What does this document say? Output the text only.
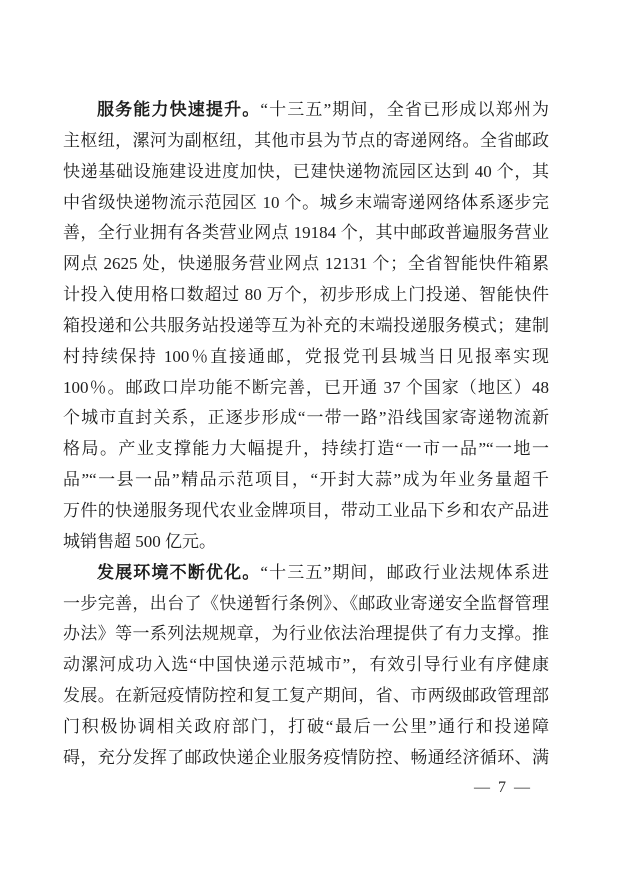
服务能力快速提升。“十三五”期间，全省已形成以郑州为
主枢纽，漯河为副枢纽，其他市县为节点的寄递网络。全省邮政
快递基础设施建设进度加快，已建快递物流园区达到 40 个，其
中省级快递物流示范园区 10 个。城乡末端寄递网络体系逐步完
善，全行业拥有各类营业网点 19184 个，其中邮政普遍服务营业
网点 2625 处，快递服务营业网点 12131 个；全省智能快件箱累
计投入使用格口数超过 80 万个，初步形成上门投递、智能快件
箱投递和公共服务站投递等互为补充的末端投递服务模式；建制
村持续保持 100％直接通邮，党报党刊县城当日见报率实现
100％。邮政口岸功能不断完善，已开通 37 个国家（地区）48
个城市直封关系，正逐步形成“一带一路”沿线国家寄递物流新
格局。产业支撑能力大幅提升，持续打造“一市一品”“一地一
品”“一县一品”精品示范项目，“开封大蒜”成为年业务量超千
万件的快递服务现代农业金牌项目，带动工业品下乡和农产品进
城销售超 500 亿元。
发展环境不断优化。“十三五”期间，邮政行业法规体系进
一步完善，出台了《快递暂行条例》、《邮政业寄递安全监督管理
办法》等一系列法规规章，为行业依法治理提供了有力支撑。推
动漯河成功入选“中国快递示范城市”，有效引导行业有序健康
发展。在新冠疫情防控和复工复产期间，省、市两级邮政管理部
门积极协调相关政府部门，打破“最后一公里”通行和投递障
碍，充分发挥了邮政快递企业服务疫情防控、畅通经济循环、满
— 7 —
